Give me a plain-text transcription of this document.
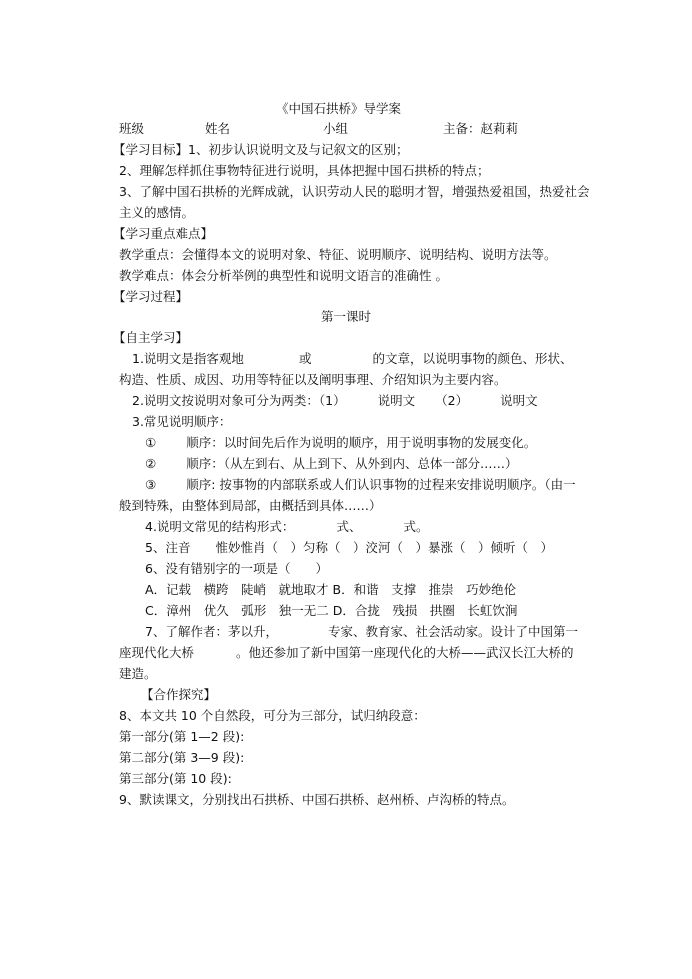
《中国石拱桥》导学案
班级	姓名	小组	主备：赵莉莉
【学习目标】1、初步认识说明文及与记叙文的区别；
2、理解怎样抓住事物特征进行说明，具体把握中国石拱桥的特点；
3、了解中国石拱桥的光辉成就，认识劳动人民的聪明才智，增强热爱祖国，热爱社会
主义的感情。
【学习重点难点】
教学重点：会懂得本文的说明对象、特征、说明顺序、说明结构、说明方法等。
教学难点：体会分析举例的典型性和说明文语言的准确性 。
【学习过程】
第一课时
【自主学习】
1.说明文是指客观地	或	的文章，以说明事物的颜色、形状、
构造、性质、成因、功用等特征以及阐明事理、介绍知识为主要内容。
2.说明文按说明对象可分为两类：（1）	说明文 （2）	说明文
3.常见说明顺序：
① 顺序：以时间先后作为说明的顺序，用于说明事物的发展变化。
② 顺序：（从左到右、从上到下、从外到内、总体一部分……）
③ 顺序: 按事物的内部联系或人们认识事物的过程来安排说明顺序。（由一
般到特殊，由整体到局部，由概括到具体……）
4.说明文常见的结构形式：	式、	式。
5、注音　　惟妙惟肖（　）匀称（　）洨河（　）暴涨（　）倾听（　）
6、没有错别字的一项是（　　）
A．记载　横跨　陡峭　就地取才 B．和谐　支撑　推崇　巧妙绝伦
C．漳州　优久　弧形　独一无二 D．合拢　残损　拱圈　长虹饮涧
7、了解作者：茅以升，	专家、教育家、社会活动家。设计了中国第一
座现代化大桥	。他还参加了新中国第一座现代化的大桥——武汉长江大桥的
建造。
【合作探究】
8、本文共 10 个自然段，可分为三部分，试归纳段意：
第一部分(第 1—2 段):
第二部分(第 3—9 段):
第三部分(第 10 段):
9、默读课文，分别找出石拱桥、中国石拱桥、赵州桥、卢沟桥的特点。
